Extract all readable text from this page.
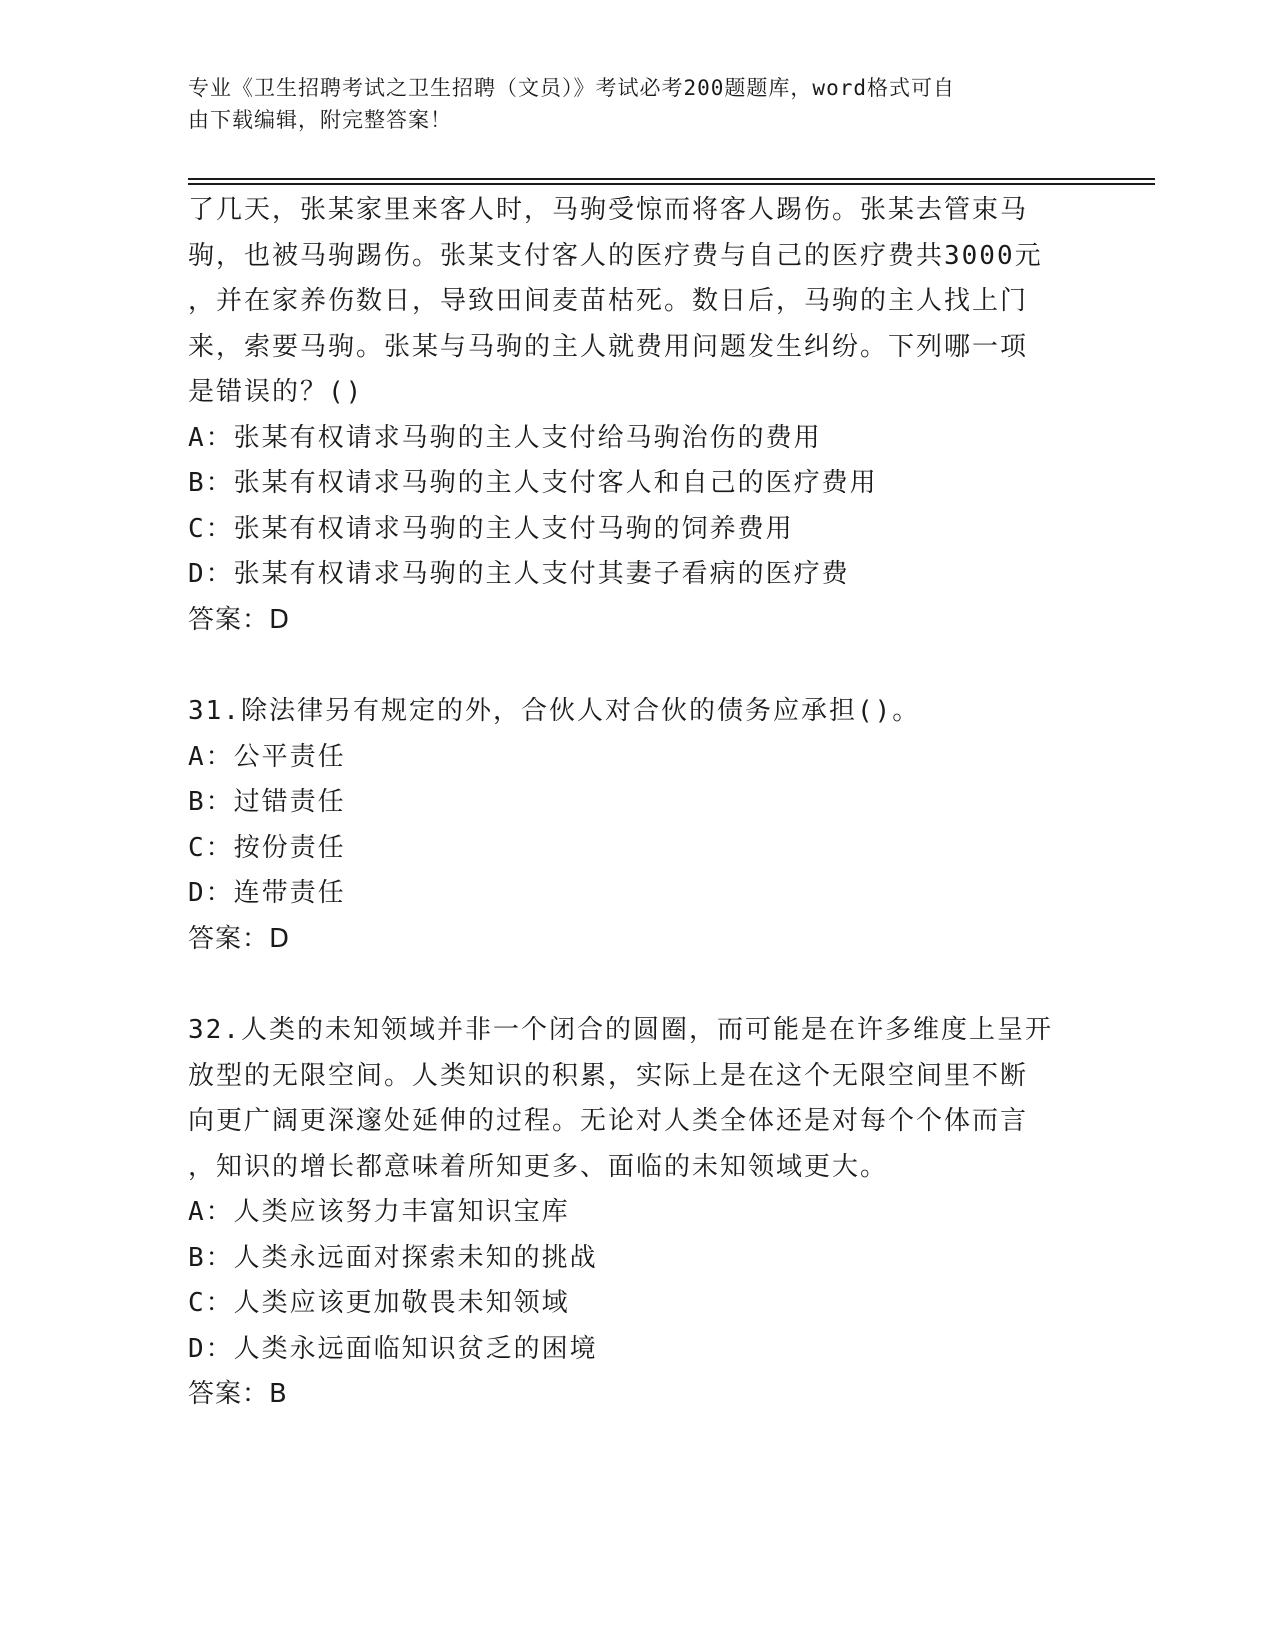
专业《卫生招聘考试之卫生招聘（文员）》考试必考200题题库，word格式可自
由下载编辑，附完整答案！
了几天，张某家里来客人时，马驹受惊而将客人踢伤。张某去管束马
驹，也被马驹踢伤。张某支付客人的医疗费与自己的医疗费共3000元
，并在家养伤数日，导致田间麦苗枯死。数日后，马驹的主人找上门
来，索要马驹。张某与马驹的主人就费用问题发生纠纷。下列哪一项
是错误的？()
A：张某有权请求马驹的主人支付给马驹治伤的费用
B：张某有权请求马驹的主人支付客人和自己的医疗费用
C：张某有权请求马驹的主人支付马驹的饲养费用
D：张某有权请求马驹的主人支付其妻子看病的医疗费
答案：D
31.除法律另有规定的外，合伙人对合伙的债务应承担()。
A：公平责任
B：过错责任
C：按份责任
D：连带责任
答案：D
32.人类的未知领域并非一个闭合的圆圈，而可能是在许多维度上呈开
放型的无限空间。人类知识的积累，实际上是在这个无限空间里不断
向更广阔更深邃处延伸的过程。无论对人类全体还是对每个个体而言
，知识的增长都意味着所知更多、面临的未知领域更大。
A：人类应该努力丰富知识宝库
B：人类永远面对探索未知的挑战
C：人类应该更加敬畏未知领域
D：人类永远面临知识贫乏的困境
答案：B
